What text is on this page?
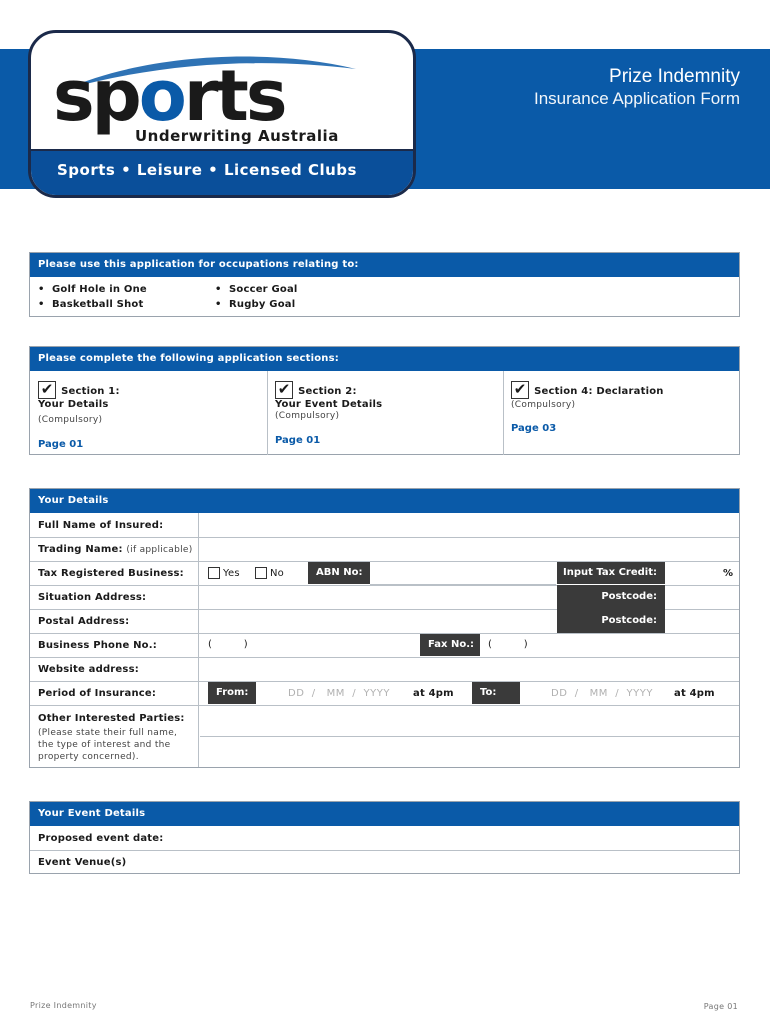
sports
Underwriting Australia
Sports • Leisure • Licensed Clubs
Prize Indemnity
Insurance Application Form
Please use this application for occupations relating to:
•  Golf Hole in One
•  Basketball Shot
•  Soccer Goal
•  Rugby Goal
Please complete the following application sections:
✔ Section 1:
Your Details
(Compulsory)
Page 01
✔ Section 2:
Your Event Details
(Compulsory)
Page 01
✔ Section 4: Declaration
(Compulsory)
Page 03
Your Details
Full Name of Insured:
Trading Name: (if applicable)
Tax Registered Business:	Yes	No	ABN No:	Input Tax Credit:	%
Situation Address:	Postcode:
Postal Address:	Postcode:
Business Phone No.:	(          )	Fax No.:	(          )
Website address:
Period of Insurance:	From:	DD  /   MM  /  YYYY at 4pm	To:	DD  /   MM  /  YYYY at 4pm
Other Interested Parties:
(Please state their full name, the type of interest and the property concerned).
Your Event Details
Proposed event date:
Event Venue(s)
Prize Indemnity	Page 01
